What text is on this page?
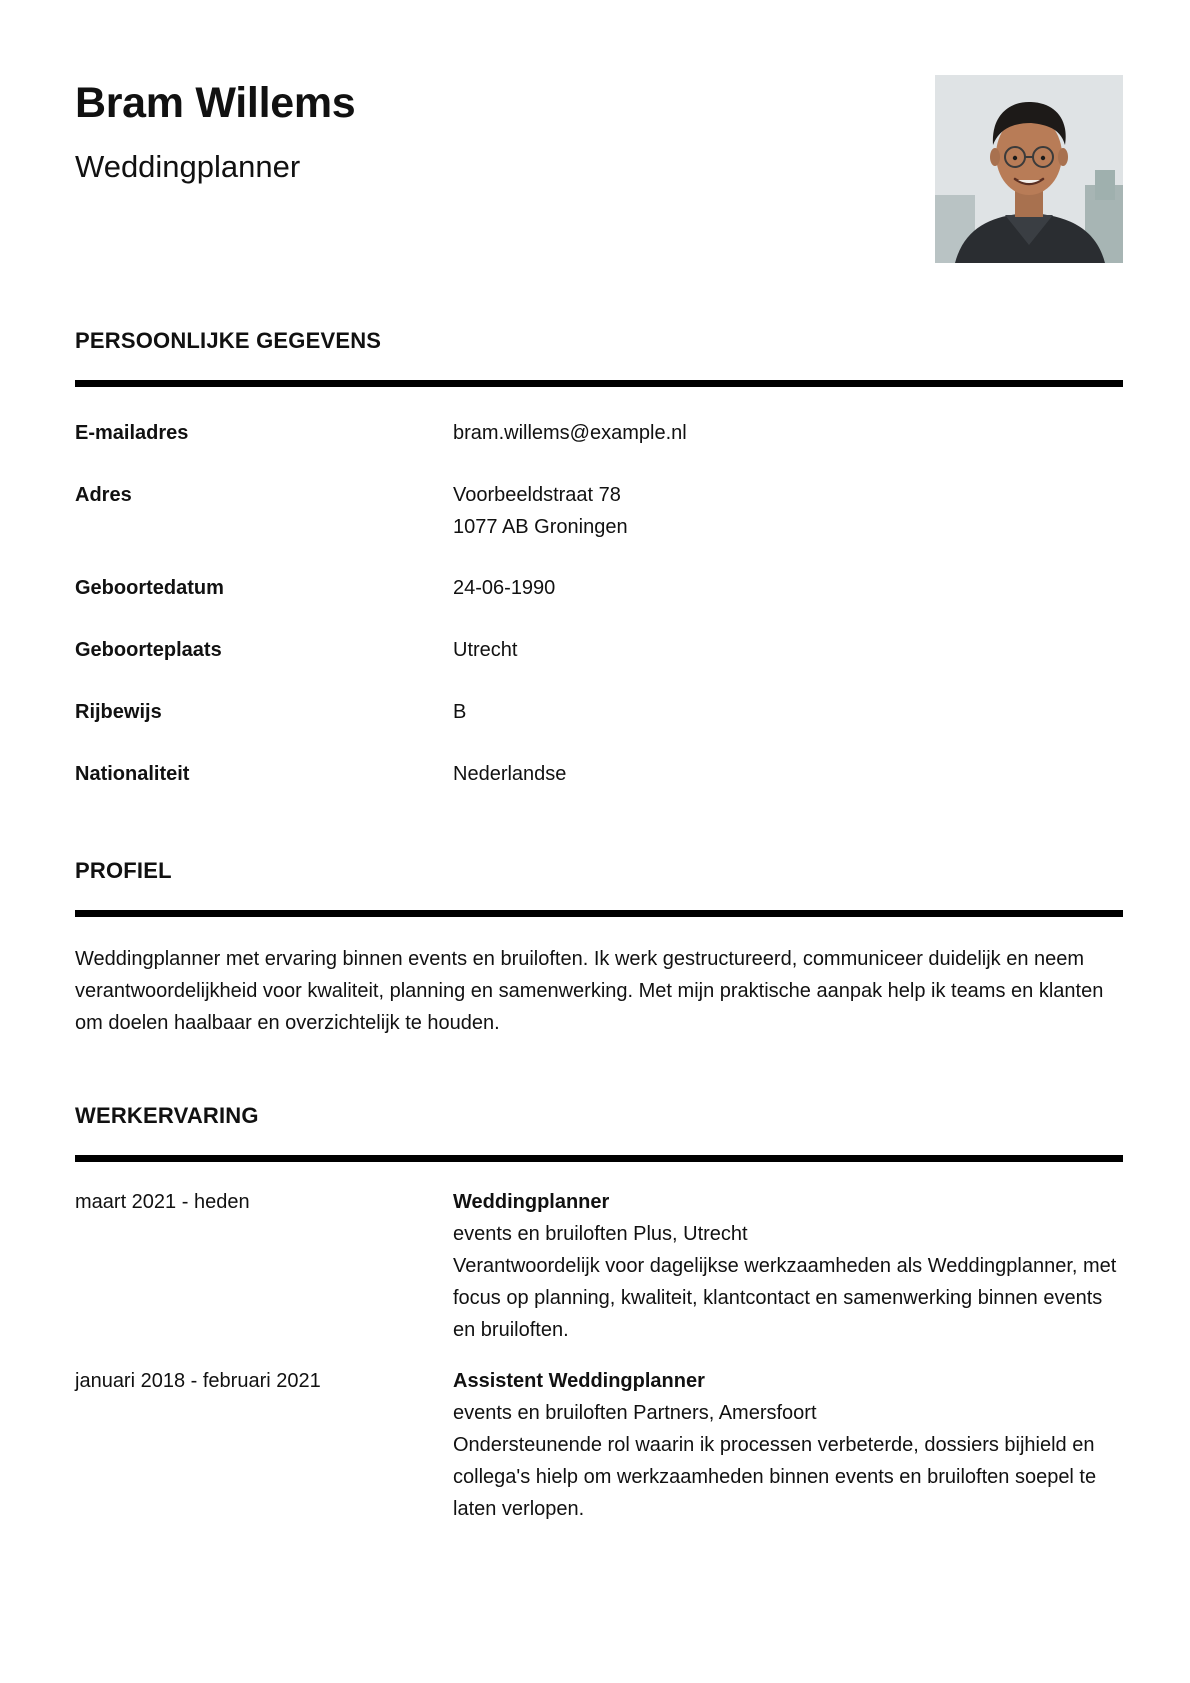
Bram Willems
Weddingplanner
PERSOONLIJKE GEGEVENS
E-mailadres	bram.willems@example.nl
Adres	Voorbeeldstraat 78
1077 AB Groningen
Geboortedatum	24-06-1990
Geboorteplaats	Utrecht
Rijbewijs	B
Nationaliteit	Nederlandse
PROFIEL

Weddingplanner met ervaring binnen events en bruiloften. Ik werk gestructureerd, communiceer duidelijk en neem verantwoordelijkheid voor kwaliteit, planning en samenwerking. Met mijn praktische aanpak help ik teams en klanten om doelen haalbaar en overzichtelijk te houden.

WERKERVARING
maart 2021 - heden	Weddingplanner
events en bruiloften Plus, Utrecht
Verantwoordelijk voor dagelijkse werkzaamheden als Weddingplanner, met focus op planning, kwaliteit, klantcontact en samenwerking binnen events en bruiloften.
januari 2018 - februari 2021	Assistent Weddingplanner
events en bruiloften Partners, Amersfoort
Ondersteunende rol waarin ik processen verbeterde, dossiers bijhield en collega's hielp om werkzaamheden binnen events en bruiloften soepel te laten verlopen.
